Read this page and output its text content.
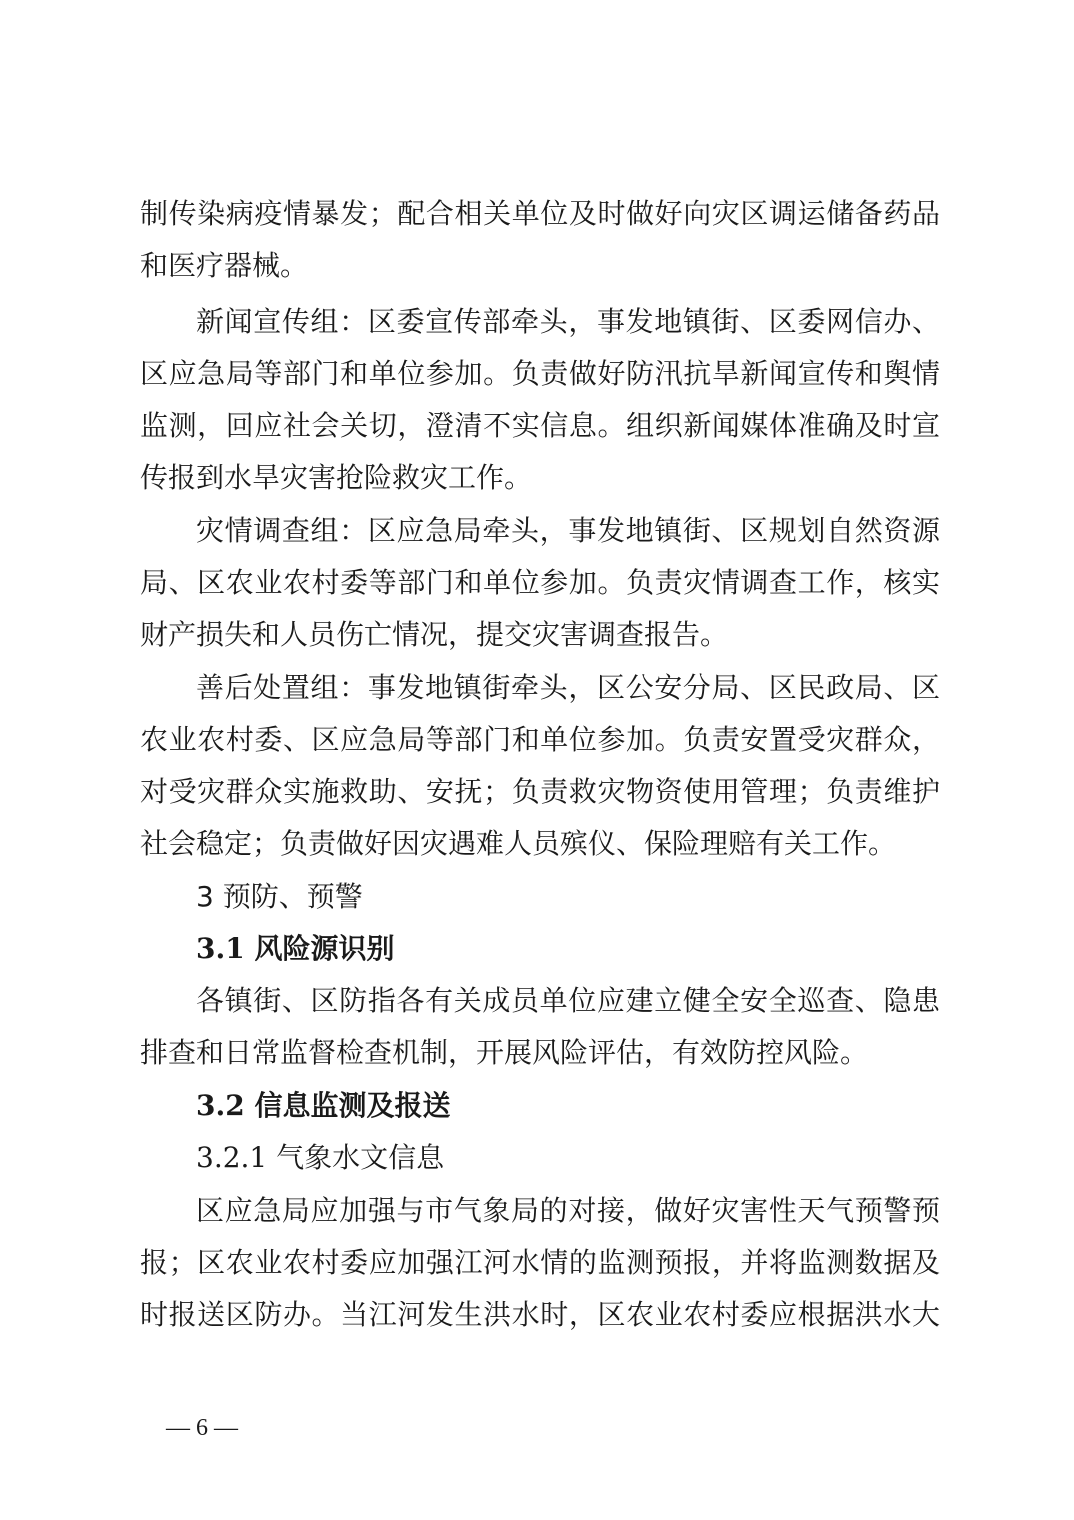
制传染病疫情暴发；配合相关单位及时做好向灾区调运储备药品
和医疗器械。
新闻宣传组：区委宣传部牵头，事发地镇街、区委网信办、
区应急局等部门和单位参加。负责做好防汛抗旱新闻宣传和舆情
监测，回应社会关切，澄清不实信息。组织新闻媒体准确及时宣
传报到水旱灾害抢险救灾工作。
灾情调查组：区应急局牵头，事发地镇街、区规划自然资源
局、区农业农村委等部门和单位参加。负责灾情调查工作，核实
财产损失和人员伤亡情况，提交灾害调查报告。
善后处置组：事发地镇街牵头，区公安分局、区民政局、区
农业农村委、区应急局等部门和单位参加。负责安置受灾群众，
对受灾群众实施救助、安抚；负责救灾物资使用管理；负责维护
社会稳定；负责做好因灾遇难人员殡仪、保险理赔有关工作。
3 预防、预警
3.1 风险源识别
各镇街、区防指各有关成员单位应建立健全安全巡查、隐患
排查和日常监督检查机制，开展风险评估，有效防控风险。
3.2 信息监测及报送
3.2.1 气象水文信息
区应急局应加强与市气象局的对接，做好灾害性天气预警预
报；区农业农村委应加强江河水情的监测预报，并将监测数据及
时报送区防办。当江河发生洪水时，区农业农村委应根据洪水大
— 6 —
